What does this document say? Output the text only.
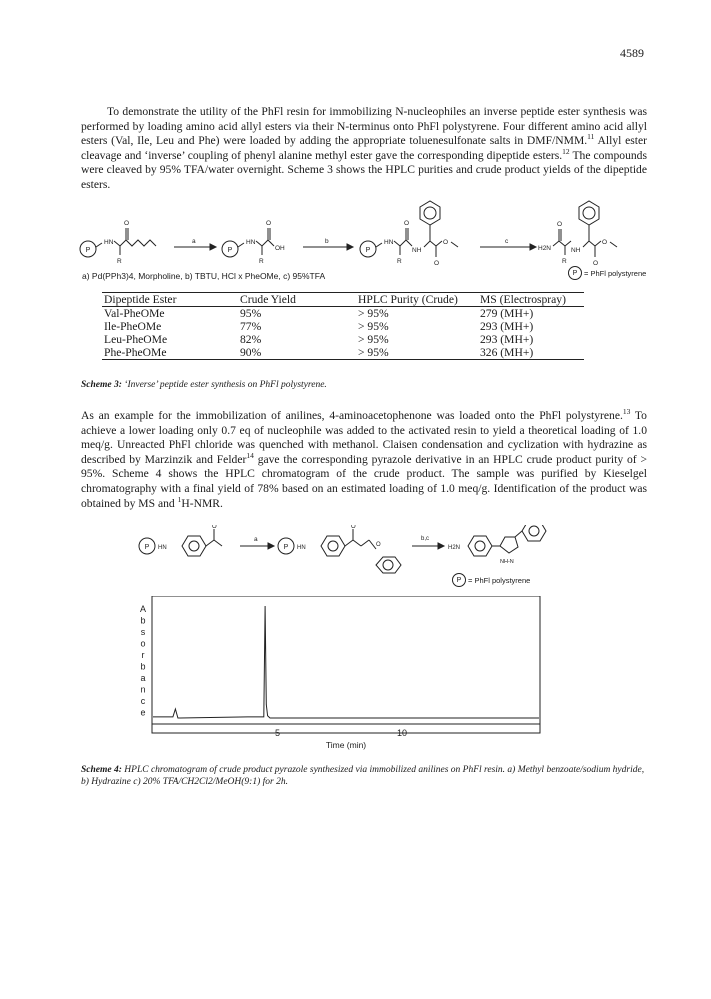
4589

To demonstrate the utility of the PhFl resin for immobilizing N-nucleophiles an inverse peptide ester synthesis was performed by loading amino acid allyl esters via their N-terminus onto PhFl polystyrene. Four different amino acid allyl esters (Val, Ile, Leu and Phe) were loaded by adding the appropriate toluenesulfonate salts in DMF/NMM.$^{11}$ Allyl ester cleavage and ‘inverse’ coupling of phenyl alanine methyl ester gave the corresponding dipeptide esters.$^{12}$ The compounds were cleaved by 95% TFA/water overnight. Scheme 3 shows the HPLC purities and crude product yields of the dipeptide esters.

P
HN
O
R
a
P
HN
O
OH
R
b
P
HN
O
NH
O
O
R
c
H2N
R
O
NH
O
O
a) Pd(PPh3)4, Morpholine, b) TBTU, HCl x PheOMe, c) 95%TFA	P = PhFl polystyrene
Dipeptide Ester	Crude Yield	HPLC Purity (Crude)	MS (Electrospray)
Val-PheOMe	95%	> 95%	279 (MH+)
Ile-PheOMe	77%	> 95%	293 (MH+)
Leu-PheOMe	82%	> 95%	293 (MH+)
Phe-PheOMe	90%	> 95%	326 (MH+)
Scheme 3: ‘Inverse’ peptide ester synthesis on PhFl polystyrene.

As an example for the immobilization of anilines, 4-aminoacetophenone was loaded onto the PhFl polystyrene.$^{13}$ To achieve a lower loading only 0.7 eq of nucleophile was added to the activated resin to yield a theoretical loading of 1.0 meq/g. Unreacted PhFl chloride was quenched with methanol. Claisen condensation and cyclization with hydrazine as described by Marzinzik and Felder$^{14}$ gave the corresponding pyrazole derivative in an HPLC crude product purity of > 95%. Scheme 4 shows the HPLC chromatogram of the crude product. The sample was purified by Kieselgel chromatography with a final yield of 78% based on an estimated loading of 1.0 meq/g. Identification of the product was obtained by MS and $^1$H-NMR.

P HN
O
a
P HN
O
O
b,c
H2N
NH-N
P = PhFl polystyrene
A
b
s
o
r
b
a
n
c
e
5	10
Time (min)
Scheme 4: HPLC chromatogram of crude product pyrazole synthesized via immobilized anilines on PhFl resin. a) Methyl benzoate/sodium hydride, b) Hydrazine c) 20% TFA/CH2Cl2/MeOH(9:1) for 2h.
